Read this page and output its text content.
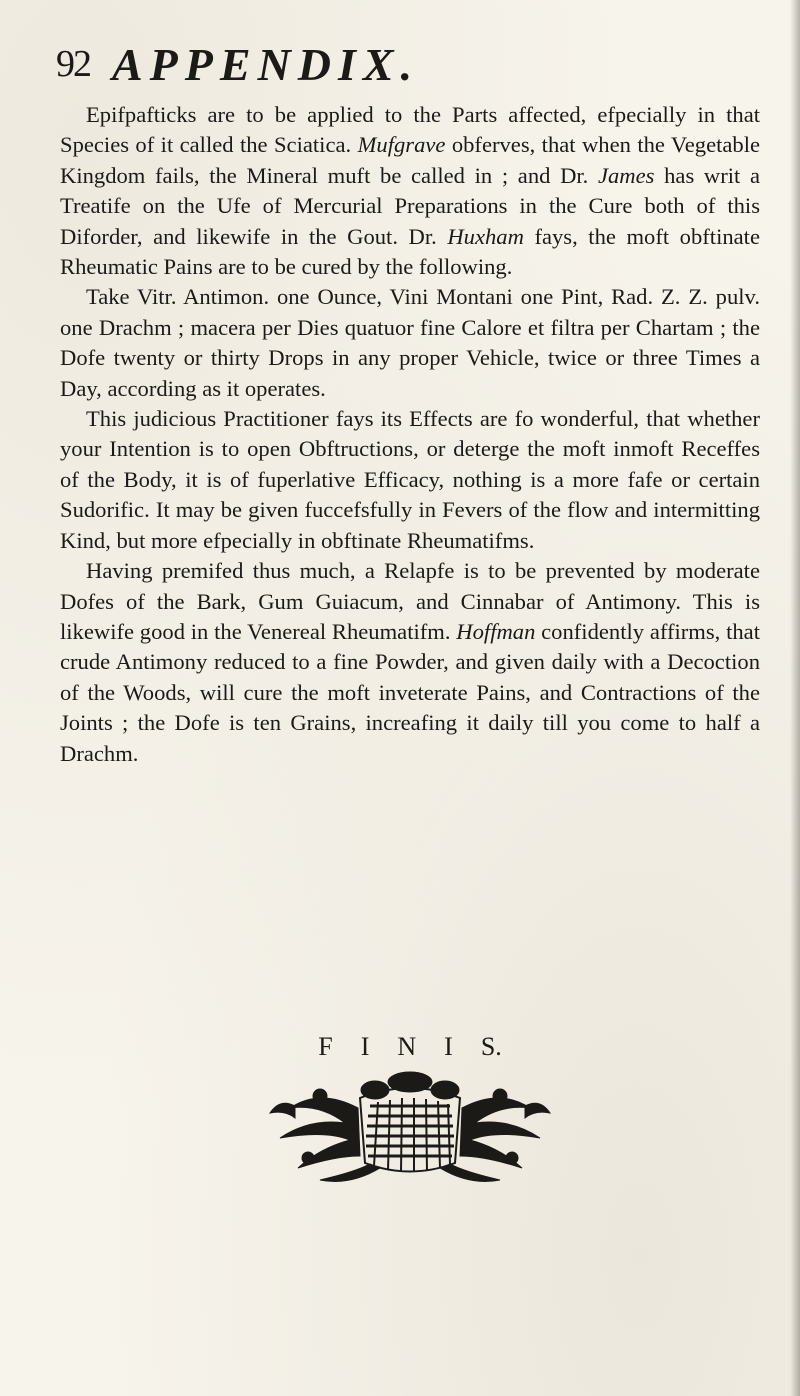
92 APPENDIX.

Epifpafticks are to be applied to the Parts affected, efpecially in that Species of it called the Sciatica. Mufgrave obferves, that when the Vegetable Kingdom fails, the Mineral muft be called in ; and Dr. James has writ a Treatife on the Ufe of Mercurial Preparations in the Cure both of this Diforder, and likewife in the Gout. Dr. Huxham fays, the moft obftinate Rheumatic Pains are to be cured by the following.

Take Vitr. Antimon. one Ounce, Vini Montani one Pint, Rad. Z. Z. pulv. one Drachm ; macera per Dies quatuor fine Calore et filtra per Chartam ; the Dofe twenty or thirty Drops in any proper Vehicle, twice or three Times a Day, according as it operates.

This judicious Practitioner fays its Effects are fo wonderful, that whether your Intention is to open Obftructions, or deterge the moft inmoft Receffes of the Body, it is of fuperlative Efficacy, nothing is a more fafe or certain Sudorific. It may be given fuccefsfully in Fevers of the flow and intermitting Kind, but more efpecially in obftinate Rheumatifms.

Having premifed thus much, a Relapfe is to be prevented by moderate Dofes of the Bark, Gum Guiacum, and Cinnabar of Antimony. This is likewife good in the Venereal Rheumatifm. Hoffman confidently affirms, that crude Antimony reduced to a fine Powder, and given daily with a Decoction of the Woods, will cure the moft inveterate Pains, and Contractions of the Joints ; the Dofe is ten Grains, increafing it daily till you come to half a Drachm.

F I N I S.
